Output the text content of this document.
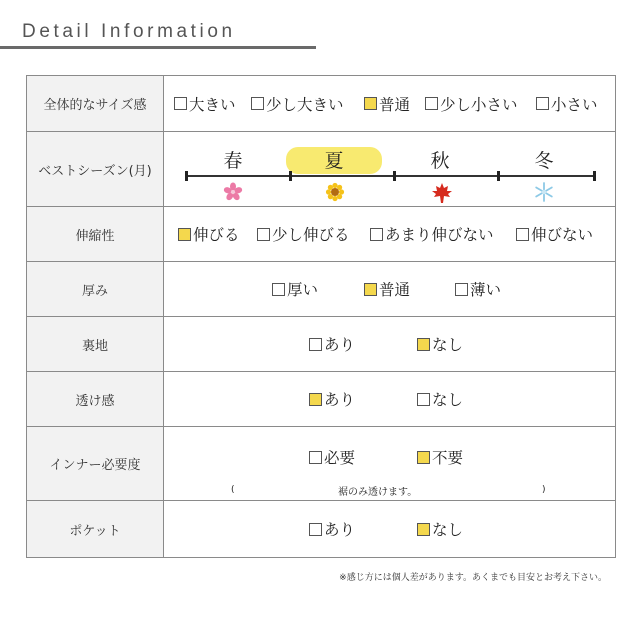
Detail Information
全体的なサイズ感	大きい 少し大きい 普通 少し小さい 小さい
ベストシーズン(月)	春	夏	秋	冬
伸縮性	伸びる 少し伸びる あまり伸びない 伸びない
厚み	厚い	普通	薄い
裏地	あり	なし
透け感	あり	なし
インナー必要度	必要	不要
(	裾のみ透けます。	)
ポケット	あり	なし
※感じ方には個人差があります。あくまでも目安とお考え下さい。
